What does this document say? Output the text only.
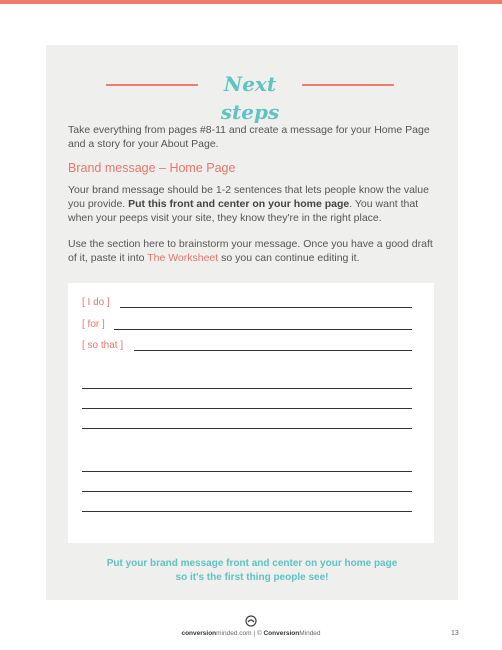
Next steps

Take everything from pages #8-11 and create a message for your Home Page and a story for your About Page.

Brand message – Home Page

Your brand message should be 1-2 sentences that lets people know the value you provide. Put this front and center on your home page. You want that when your peeps visit your site, they know they're in the right place.

Use the section here to brainstorm your message. Once you have a good draft of it, paste it into The Worksheet so you can continue editing it.

[ I do ]
[ for ]
[ so that ]

Put your brand message front and center on your home page so it's the first thing people see!

conversionminded.com | © ConversionMinded	13
